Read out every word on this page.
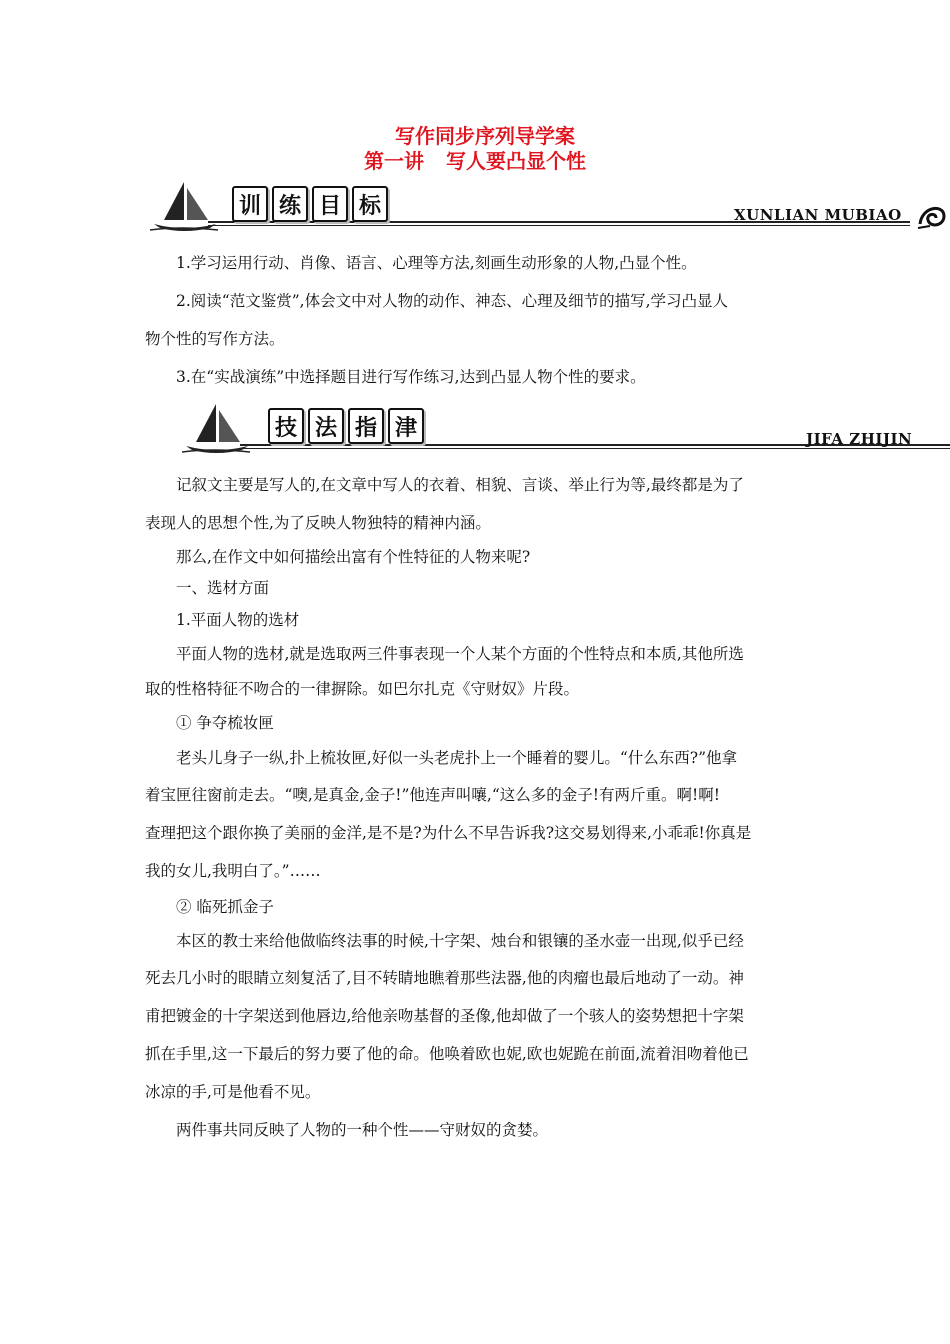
写作同步序列导学案
第一讲 写人要凸显个性
训 练 目 标	XUNLIAN MUBIAO

1.学习运用行动、肖像、语言、心理等方法,刻画生动形象的人物,凸显个性。

2.阅读“范文鉴赏”,体会文中对人物的动作、神态、心理及细节的描写,学习凸显人

物个性的写作方法。

3.在“实战演练”中选择题目进行写作练习,达到凸显人物个性的要求。

技 法 指 津	JIFA ZHIJIN

记叙文主要是写人的,在文章中写人的衣着、相貌、言谈、举止行为等,最终都是为了

表现人的思想个性,为了反映人物独特的精神内涵。

那么,在作文中如何描绘出富有个性特征的人物来呢?

一、选材方面

1.平面人物的选材

平面人物的选材,就是选取两三件事表现一个人某个方面的个性特点和本质,其他所选

取的性格特征不吻合的一律摒除。如巴尔扎克《守财奴》片段。

① 争夺梳妆匣

老头儿身子一纵,扑上梳妆匣,好似一头老虎扑上一个睡着的婴儿。“什么东西?”他拿

着宝匣往窗前走去。“噢,是真金,金子!”他连声叫嚷,“这么多的金子!有两斤重。啊!啊!

查理把这个跟你换了美丽的金洋,是不是?为什么不早告诉我?这交易划得来,小乖乖!你真是

我的女儿,我明白了。”……

② 临死抓金子

本区的教士来给他做临终法事的时候,十字架、烛台和银镶的圣水壶一出现,似乎已经

死去几小时的眼睛立刻复活了,目不转睛地瞧着那些法器,他的肉瘤也最后地动了一动。神

甫把镀金的十字架送到他唇边,给他亲吻基督的圣像,他却做了一个骇人的姿势想把十字架

抓在手里,这一下最后的努力要了他的命。他唤着欧也妮,欧也妮跪在前面,流着泪吻着他已

冰凉的手,可是他看不见。

两件事共同反映了人物的一种个性——守财奴的贪婪。
